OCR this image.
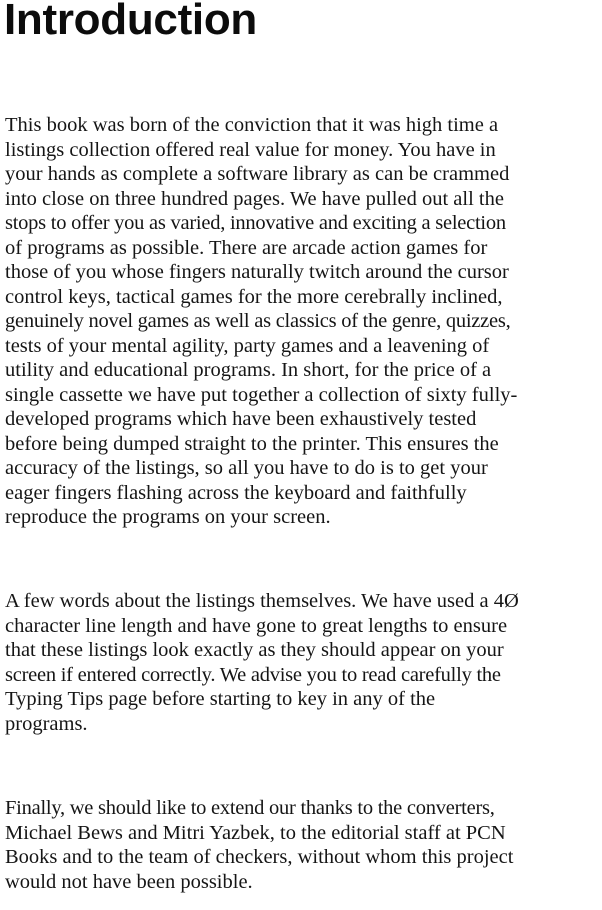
Introduction

This book was born of the conviction that it was high time a
listings collection offered real value for money. You have in
your hands as complete a software library as can be crammed
into close on three hundred pages. We have pulled out all the
stops to offer you as varied, innovative and exciting a selection
of programs as possible. There are arcade action games for
those of you whose fingers naturally twitch around the cursor
control keys, tactical games for the more cerebrally inclined,
genuinely novel games as well as classics of the genre, quizzes,
tests of your mental agility, party games and a leavening of
utility and educational programs. In short, for the price of a
single cassette we have put together a collection of sixty fully-
developed programs which have been exhaustively tested
before being dumped straight to the printer. This ensures the
accuracy of the listings, so all you have to do is to get your
eager fingers flashing across the keyboard and faithfully
reproduce the programs on your screen.

A few words about the listings themselves. We have used a 4Ø
character line length and have gone to great lengths to ensure
that these listings look exactly as they should appear on your
screen if entered correctly. We advise you to read carefully the
Typing Tips page before starting to key in any of the
programs.

Finally, we should like to extend our thanks to the converters,
Michael Bews and Mitri Yazbek, to the editorial staff at PCN
Books and to the team of checkers, without whom this project
would not have been possible.
